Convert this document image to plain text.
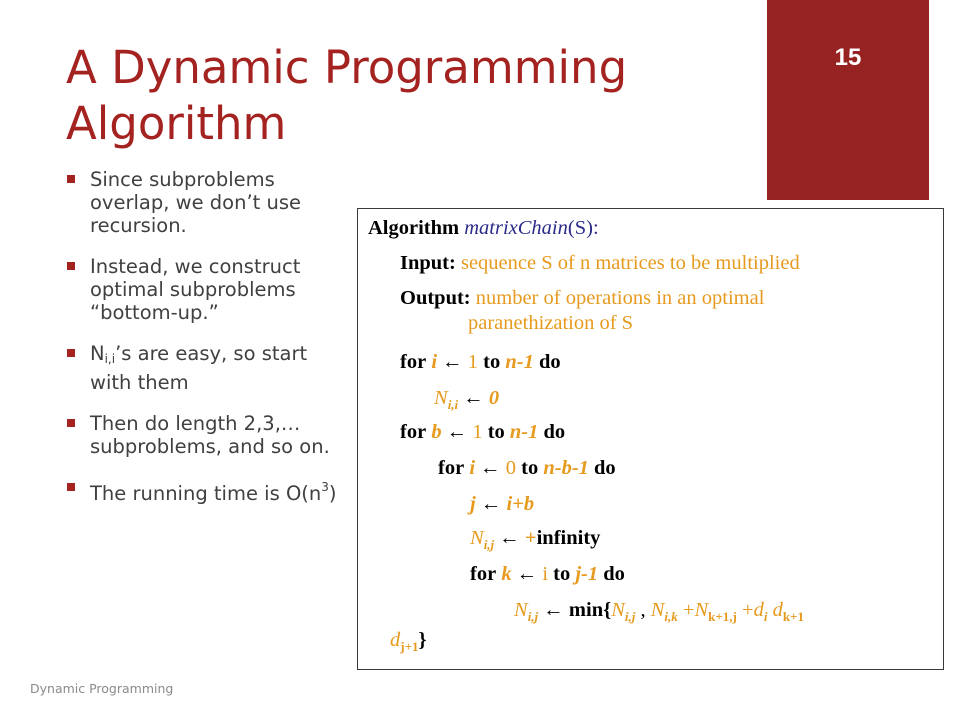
A Dynamic Programming Algorithm
15
Since subproblems overlap, we don’t use recursion.
Instead, we construct optimal subproblems “bottom-up.”
$N_{i,i}’s$ are easy, so start with them
Then do length 2,3,… subproblems, and so on.
The running time is $O(n^3)$
Algorithm matrixChain(S):
Input: sequence S of n matrices to be multiplied
Output: number of operations in an optimal
paranethization of S
for i ← 1 to n-1 do
$N_{i,i}$ ← 0
for b ← 1 to n-1 do
for i ← 0 to n-b-1 do
j ← i+b
$N_{i,j}$ ← +infinity
for k ← i to j-1 do
$N_{i,j}$ ← $\min\{N_{i,j}$ , $N_{i,k} +N_{k+1,j} +d_i$ $d_{k+1}$
$d_{j+1}$}
Dynamic Programming
